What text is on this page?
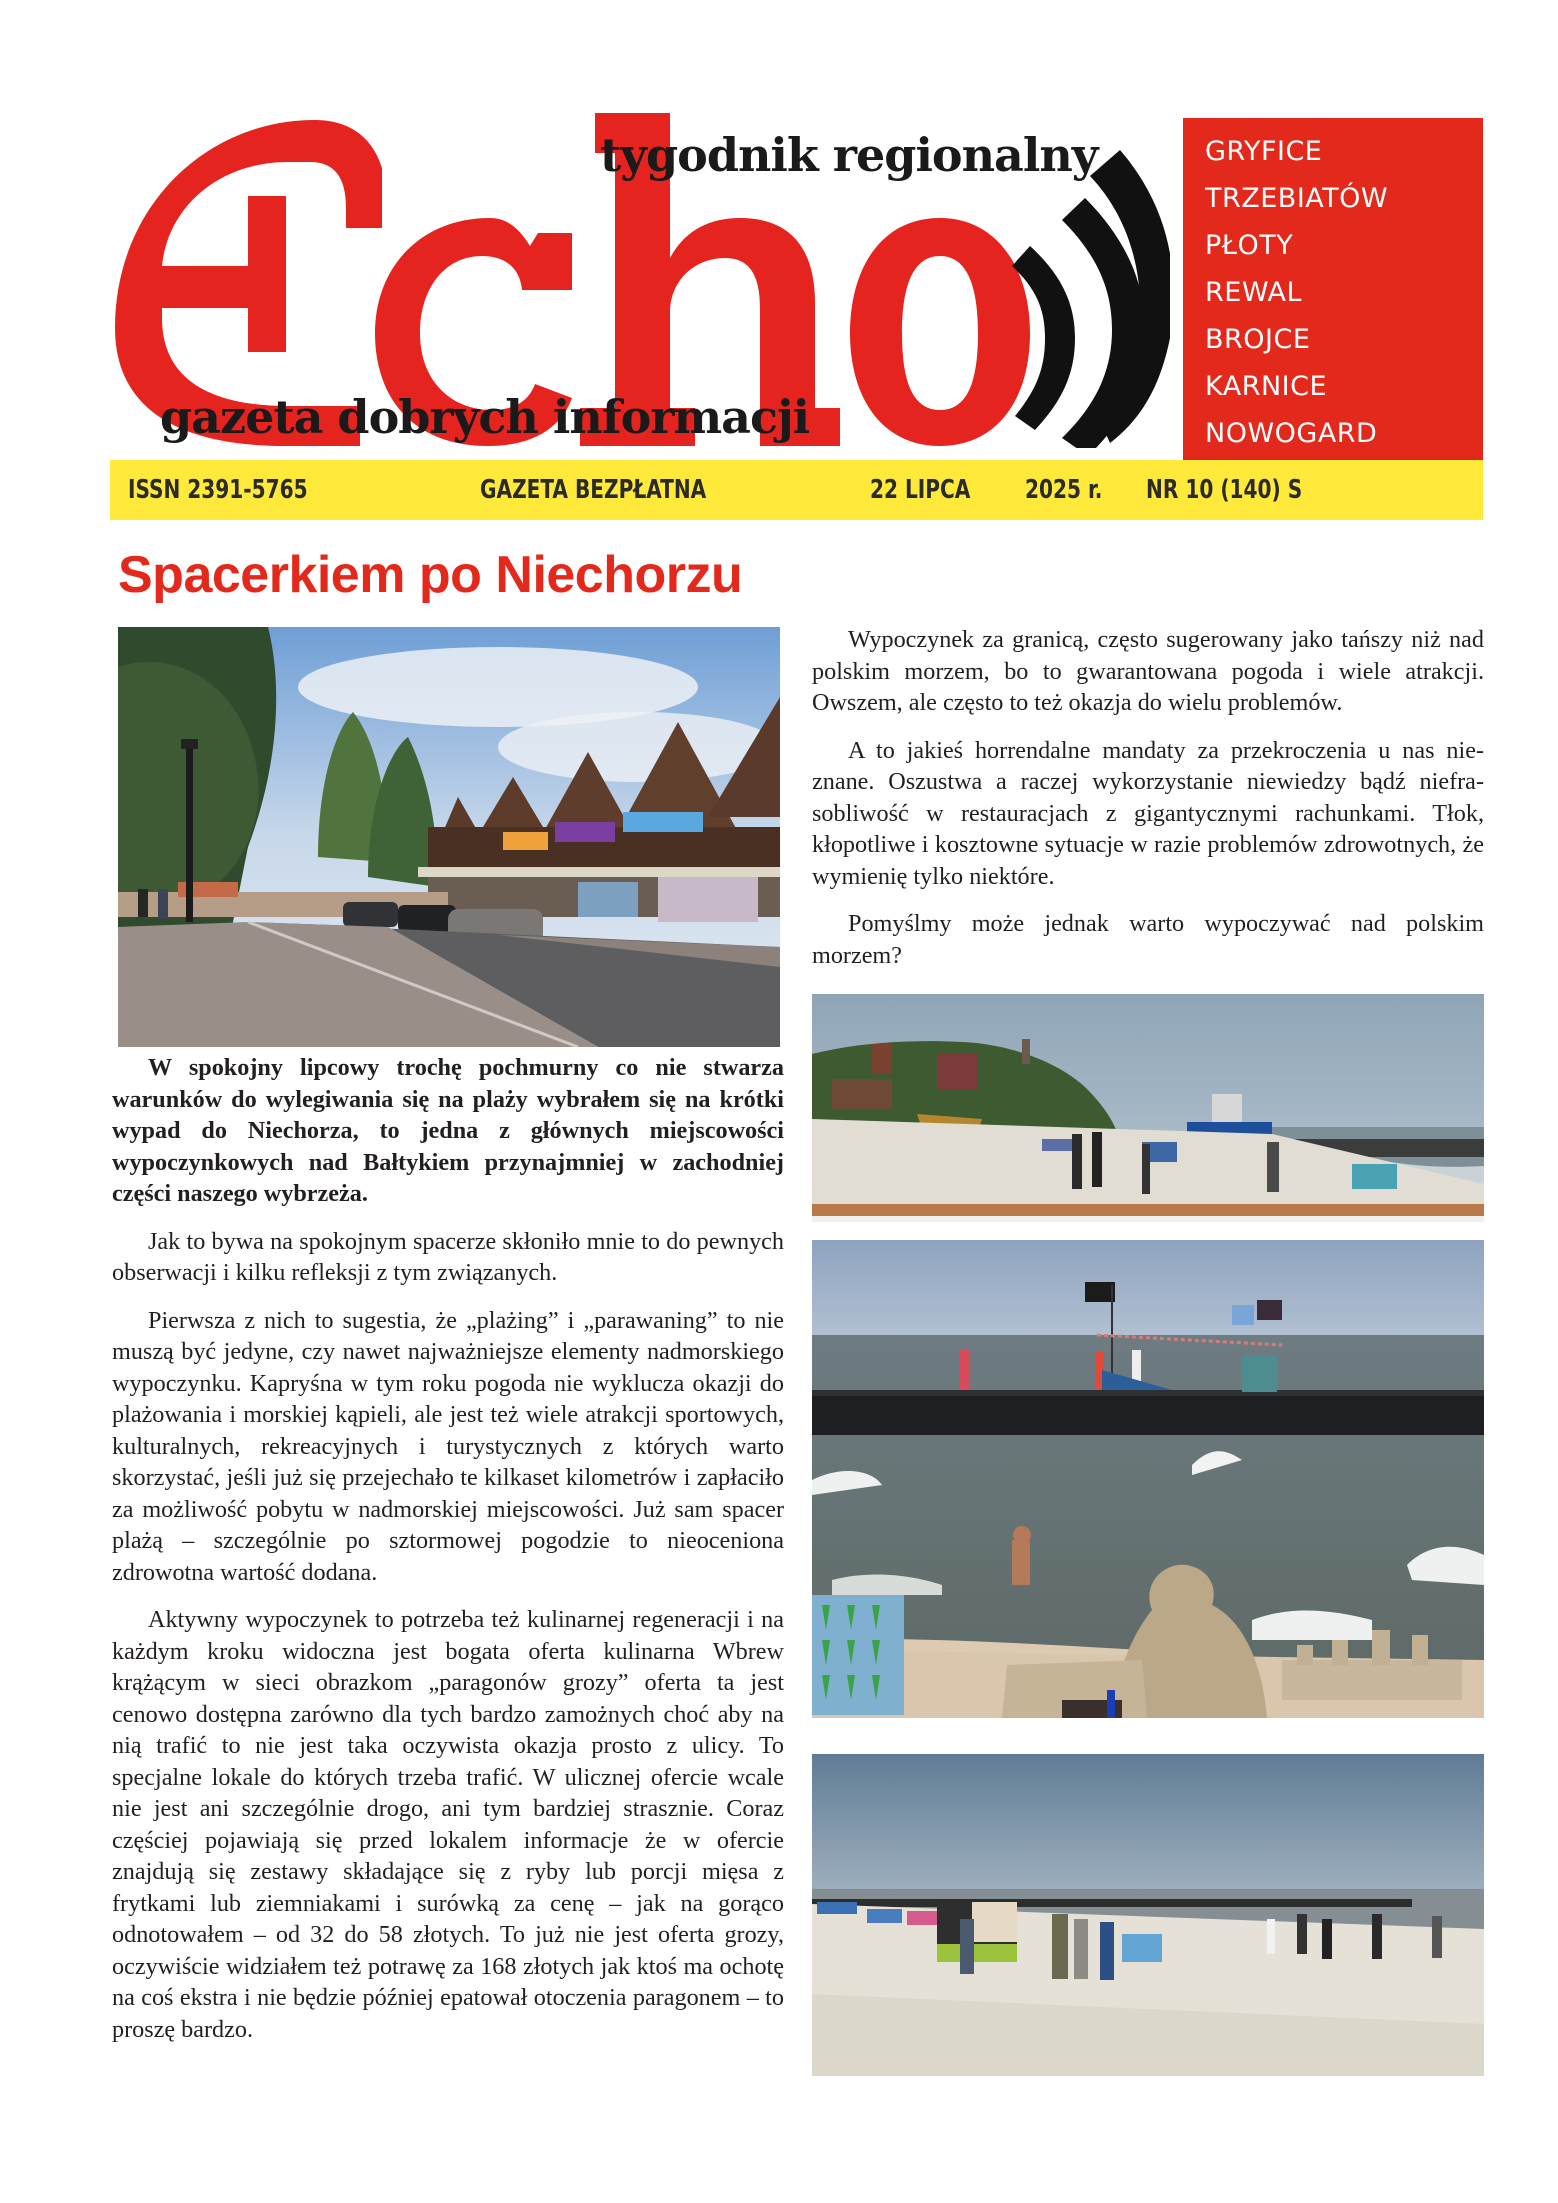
tygodnik regionalny
gazeta dobrych informacji
GRYFICE
TRZEBIATÓW
PŁOTY
REWAL
BROJCE
KARNICE
NOWOGARD
ISSN 2391-5765	GAZETA BEZPŁATNA	22 LIPCA 2025 r. NR 10 (140) S
Spacerkiem po Niechorzu

W spokojny lipcowy trochę pochmurny co nie stwarza warunków do wylegiwania się na plaży wybrałem się na krótki wypad do Niechorza, to jedna z głównych miejscowości wypoczynkowych nad Bałtykiem przynajmniej w zachodniej części naszego wybrzeża.

Jak to bywa na spokojnym spacerze skłoniło mnie to do pewnych obserwacji i kilku refleksji z tym związanych.

Pierwsza z nich to sugestia, że „plażing” i „parawaning” to nie muszą być jedyne, czy nawet najważniejsze elementy nadmorskiego wypoczynku. Kapryśna w tym roku pogoda nie wyklucza okazji do plażowania i morskiej kąpieli, ale jest też wiele atrakcji sportowych, kulturalnych, rekreacyjnych i turystycznych z których warto skorzystać, jeśli już się przejechało te kilkaset kilometrów i zapłaciło za możliwość pobytu w nadmorskiej miejscowości. Już sam spacer plażą – szczególnie po sztormowej pogodzie to nieoceniona zdrowotna wartość dodana.

Aktywny wypoczynek to potrzeba też kulinarnej regeneracji i na każdym kroku widoczna jest bogata oferta kulinarna Wbrew krążącym w sieci obrazkom „paragonów grozy” oferta ta jest cenowo dostępna zarówno dla tych bardzo zamożnych choć aby na nią trafić to nie jest taka oczywista okazja prosto z ulicy. To specjalne lokale do których trzeba trafić. W ulicznej ofercie wcale nie jest ani szczególnie drogo, ani tym bardziej strasznie. Coraz częściej pojawiają się przed lokalem informacje że w ofercie znajdują się zestawy składające się z ryby lub porcji mięsa z frytkami lub ziemniakami i surówką za cenę – jak na gorąco odnotowałem – od 32 do 58 złotych. To już nie jest oferta grozy, oczywiście widziałem też potrawę za 168 złotych jak ktoś ma ochotę na coś ekstra i nie będzie później epatował otoczenia paragonem – to proszę bardzo.

Wypoczynek za granicą, często sugerowany jako tańszy niż nad polskim morzem, bo to gwarantowana pogoda i wiele atrakcji. Owszem, ale często to też okazja do wielu problemów.

A to jakieś horrendalne mandaty za przekroczenia u nas nieznane. Oszustwa a raczej wykorzystanie niewiedzy bądź niefrasobliwość w restauracjach z gigantycznymi rachunkami. Tłok, kłopotliwe i kosztowne sytuacje w razie problemów zdrowotnych, że wymienię tylko niektóre.

Pomyślmy może jednak warto wypoczywać nad polskim morzem?
